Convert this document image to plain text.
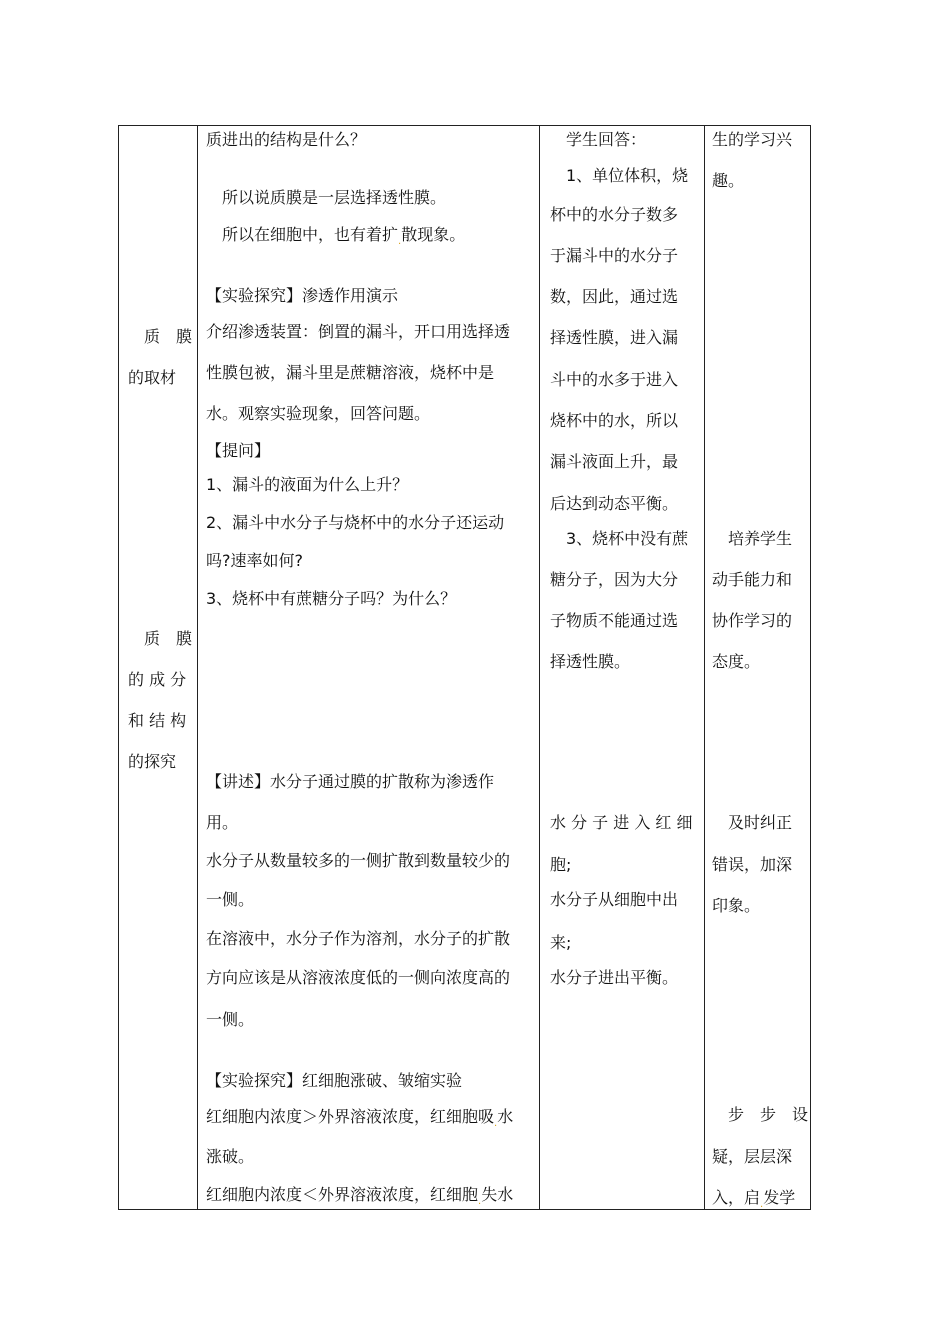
质　膜
的取材
质　膜
的 成 分
和 结 构
的探究
质进出的结构是什么？
所以说质膜是一层选择透性膜。
所以在细胞中，也有着扩$_.$散现象。
【实验探究】渗透作用演示
介绍渗透装置：倒置的漏斗，开口用选择透
性膜包被，漏斗里是蔗糖溶液，烧杯中是
水。观察实验现象，回答问题。
【提问】
1、漏斗的液面为什么上升？
2、漏斗中水分子与烧杯中的水分子还运动
吗?速率如何?
3、烧杯中有蔗糖分子吗？为什么？
【讲述】水分子通过膜的扩散称为渗透作
用。
水分子从数量较多的一侧扩散到数量较少的
一侧。
在溶液中，水分子作为溶剂，水分子的扩散
方向应该是从溶液浓度低的一侧向浓度高的
一侧。
【实验探究】红细胞涨破、皱缩实验
红细胞内浓度＞外界溶液浓度，红细胞吸$_.$水
涨破。
红细胞内浓度＜外界溶液浓度，红细胞$_.$失水
学生回答：
1、单位体积，烧
杯中的水分子数多
于漏斗中的水分子
数，因此，通过选
择透性膜，进入漏
斗中的水多于进入
烧杯中的水，所以
漏斗液面上升，最
后达到动态平衡。
3、烧杯中没有蔗
糖分子，因为大分
子物质不能通过选
择透性膜。
水 分 子 进 入 红 细
胞;
水分子从细胞中出
来;
水分子进出平衡。
生的学习兴
趣。
培养学生
动手能力和
协作学习的
态度。
及时纠正
错误，加深
印象。
步　步　设
疑，层层深
入，启$_.$发学
